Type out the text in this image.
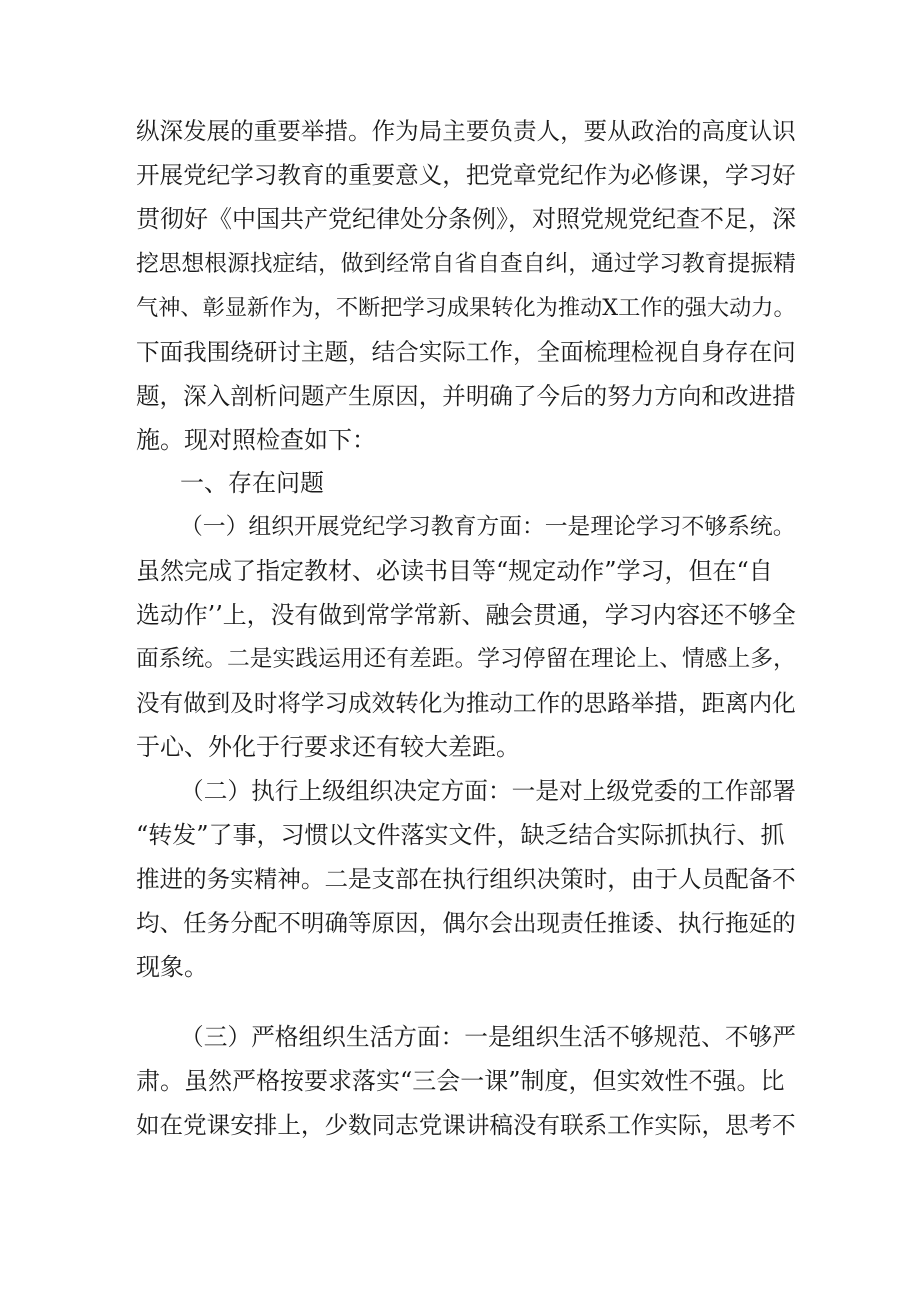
纵深发展的重要举措。作为局主要负责人，要从政治的高度认识
开展党纪学习教育的重要意义，把党章党纪作为必修课，学习好
贯彻好《中国共产党纪律处分条例》，对照党规党纪查不足，深
挖思想根源找症结，做到经常自省自查自纠，通过学习教育提振精
气神、彰显新作为，不断把学习成果转化为推动X工作的强大动力。
下面我围绕研讨主题，结合实际工作，全面梳理检视自身存在问
题，深入剖析问题产生原因，并明确了今后的努力方向和改进措
施。现对照检查如下：
一、存在问题
（一）组织开展党纪学习教育方面：一是理论学习不够系统。
虽然完成了指定教材、必读书目等“规定动作”学习，但在“自
选动作’’上，没有做到常学常新、融会贯通，学习内容还不够全
面系统。二是实践运用还有差距。学习停留在理论上、情感上多，
没有做到及时将学习成效转化为推动工作的思路举措，距离内化
于心、外化于行要求还有较大差距。
（二）执行上级组织决定方面：一是对上级党委的工作部署
“转发”了事，习惯以文件落实文件，缺乏结合实际抓执行、抓
推进的务实精神。二是支部在执行组织决策时，由于人员配备不
均、任务分配不明确等原因，偶尔会出现责任推诿、执行拖延的
现象。
（三）严格组织生活方面：一是组织生活不够规范、不够严
肃。虽然严格按要求落实“三会一课”制度，但实效性不强。比
如在党课安排上，少数同志党课讲稿没有联系工作实际，思考不
